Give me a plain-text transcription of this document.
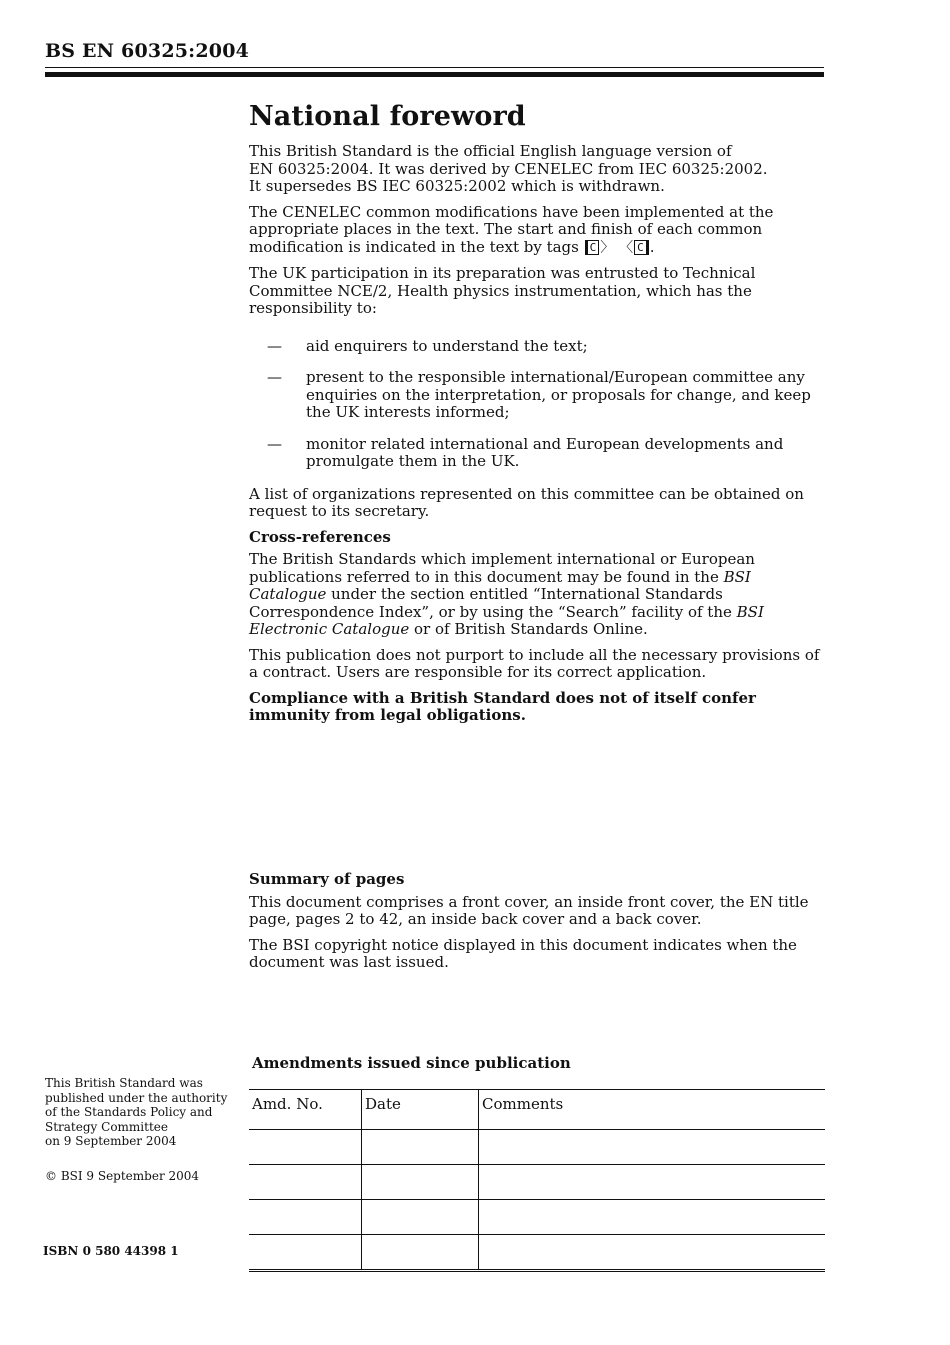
BS EN 60325:2004
National foreword

This British Standard is the official English language version of
EN 60325:2004. It was derived by CENELEC from IEC 60325:2002.
It supersedes BS IEC 60325:2002 which is withdrawn.

The CENELEC common modifications have been implemented at the appropriate places in the text. The start and finish of each common modification is indicated in the text by tags C 〉 〈 C .

The UK participation in its preparation was entrusted to Technical Committee NCE/2, Health physics instrumentation, which has the responsibility to:

— aid enquirers to understand the text;
— present to the responsible international/European committee any enquiries on the interpretation, or proposals for change, and keep the UK interests informed;
— monitor related international and European developments and promulgate them in the UK.

A list of organizations represented on this committee can be obtained on request to its secretary.

Cross-references

The British Standards which implement international or European publications referred to in this document may be found in the BSI Catalogue under the section entitled “International Standards Correspondence Index”, or by using the “Search” facility of the BSI Electronic Catalogue or of British Standards Online.

This publication does not purport to include all the necessary provisions of a contract. Users are responsible for its correct application.

Compliance with a British Standard does not of itself confer immunity from legal obligations.

Summary of pages

This document comprises a front cover, an inside front cover, the EN title page, pages 2 to 42, an inside back cover and a back cover.

The BSI copyright notice displayed in this document indicates when the document was last issued.

This British Standard was

published under the authority

of the Standards Policy and

Strategy Committee

on 9 September 2004

© BSI 9 September 2004
ISBN 0 580 44398 1
Amendments issued since publication
Amd. No.	Date	Comments
